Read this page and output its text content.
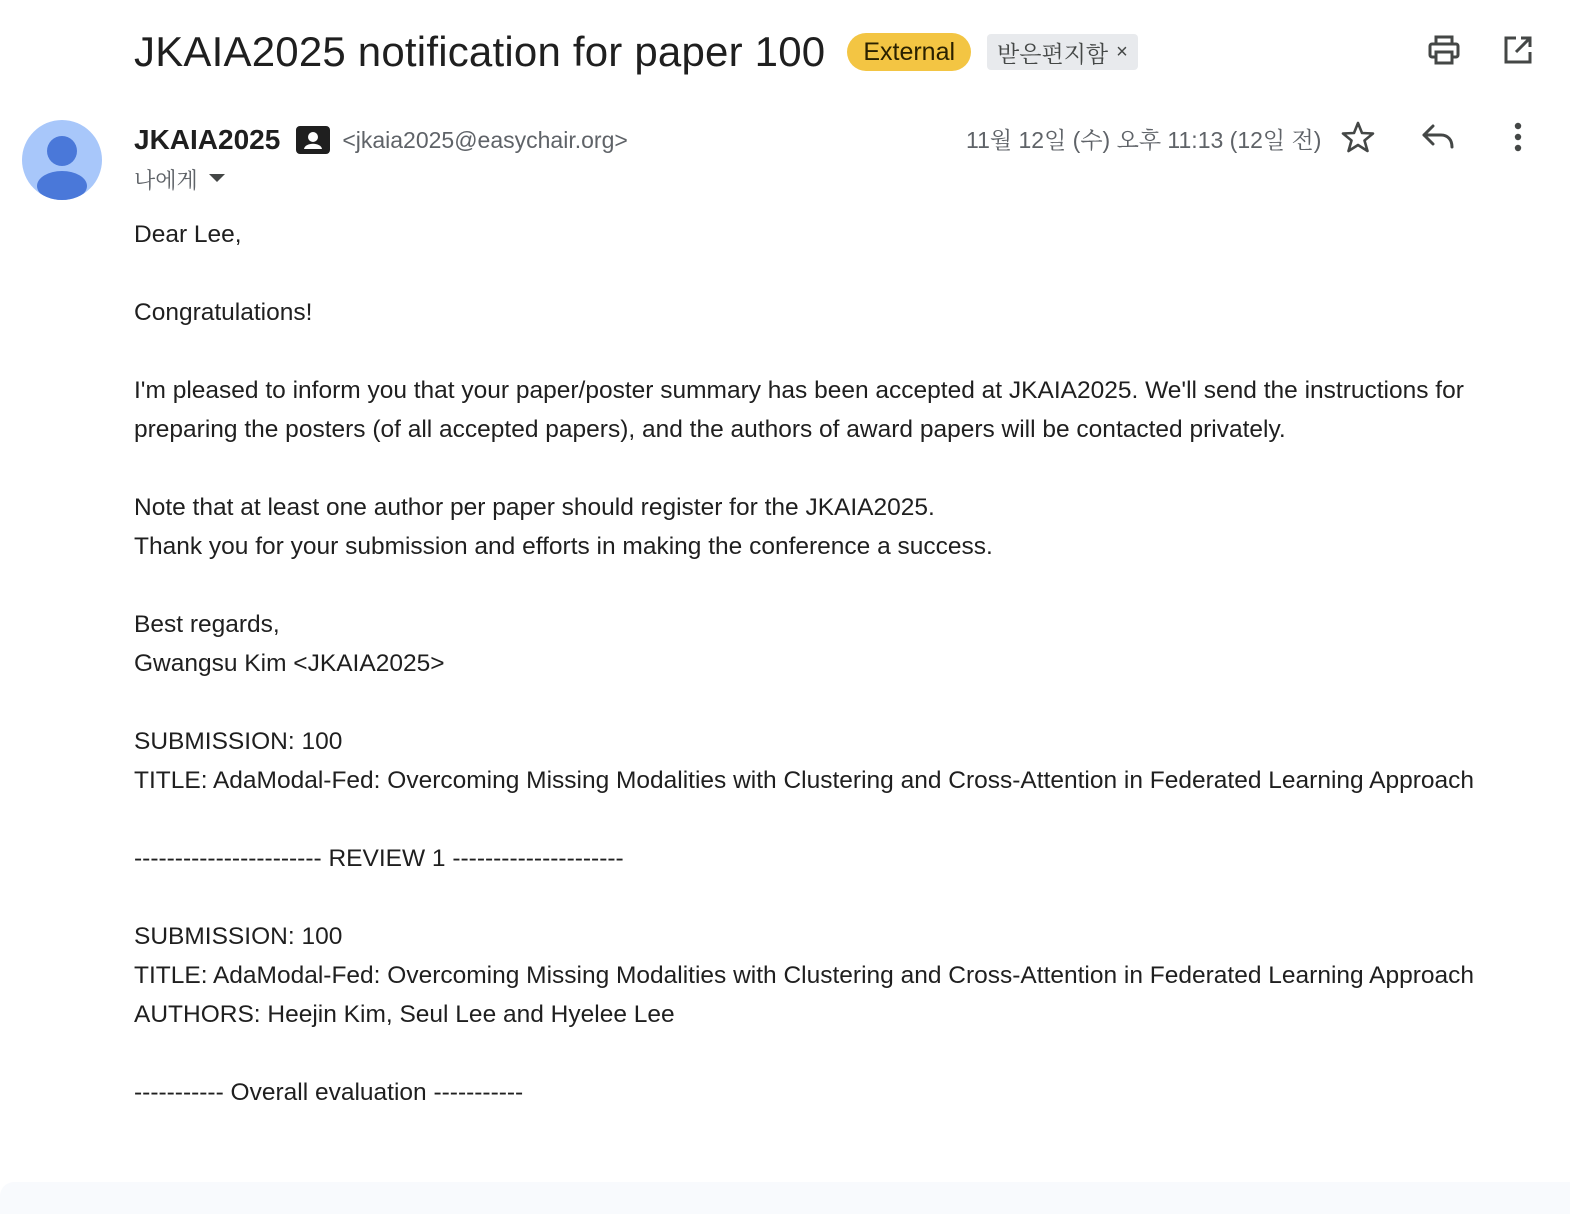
JKAIA2025 notification for paper 100	External	받은편지함 ×
JKAIA2025	<jkaia2025@easychair.org>
나에게
11월 12일 (수) 오후 11:13 (12일 전)

Dear Lee,

Congratulations!

I'm pleased to inform you that your paper/poster summary has been accepted at JKAIA2025. We'll send the instructions for preparing the posters (of all accepted papers), and the authors of award papers will be contacted privately.

Note that at least one author per paper should register for the JKAIA2025.

Thank you for your submission and efforts in making the conference a success.

Best regards,

Gwangsu Kim <JKAIA2025>

SUBMISSION: 100

TITLE: AdaModal-Fed: Overcoming Missing Modalities with Clustering and Cross-Attention in Federated Learning Approach

----------------------- REVIEW 1 ---------------------

SUBMISSION: 100

TITLE: AdaModal-Fed: Overcoming Missing Modalities with Clustering and Cross-Attention in Federated Learning Approach

AUTHORS: Heejin Kim, Seul Lee and Hyelee Lee

----------- Overall evaluation -----------
